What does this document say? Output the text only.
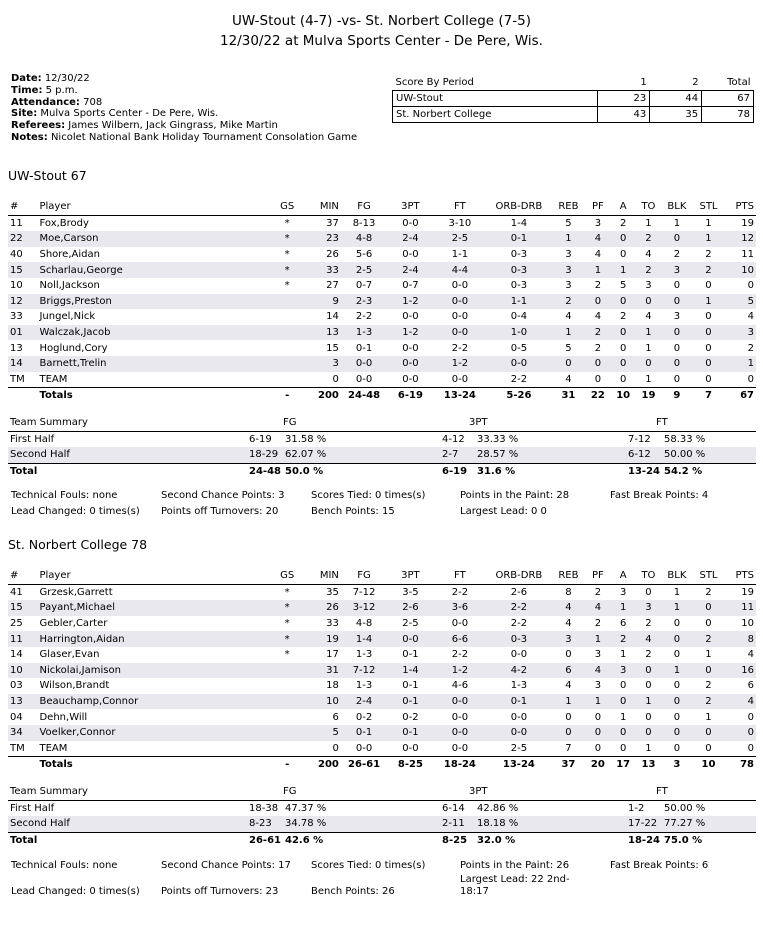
UW-Stout (4-7) -vs- St. Norbert College (7-5)
12/30/22 at Mulva Sports Center - De Pere, Wis.
Date: 12/30/22
Time: 5 p.m.
Attendance: 708
Site: Mulva Sports Center - De Pere, Wis.
Referees: James Wilbern, Jack Gingrass, Mike Martin
Notes: Nicolet National Bank Holiday Tournament Consolation Game
Score By Period	1	2	Total
UW-Stout	23	44	67
St. Norbert College	43	35	78
UW-Stout 67
#	Player	GS	MIN	FG	3PT	FT	ORB-DRB	REB	PF	A	TO	BLK	STL	PTS
11	Fox,Brody	*	37	8-13	0-0	3-10	1-4	5	3	2	1	1	1	19
22	Moe,Carson	*	23	4-8	2-4	2-5	0-1	1	4	0	2	0	1	12
40	Shore,Aidan	*	26	5-6	0-0	1-1	0-3	3	4	0	4	2	2	11
15	Scharlau,George	*	33	2-5	2-4	4-4	0-3	3	1	1	2	3	2	10
10	Noll,Jackson	*	27	0-7	0-7	0-0	0-3	3	2	5	3	0	0	0
12	Briggs,Preston		9	2-3	1-2	0-0	1-1	2	0	0	0	0	1	5
33	Jungel,Nick		14	2-2	0-0	0-0	0-4	4	4	2	4	3	0	4
01	Walczak,Jacob		13	1-3	1-2	0-0	1-0	1	2	0	1	0	0	3
13	Hoglund,Cory		15	0-1	0-0	2-2	0-5	5	2	0	1	0	0	2
14	Barnett,Trelin		3	0-0	0-0	1-2	0-0	0	0	0	0	0	0	1
TM	TEAM		0	0-0	0-0	0-0	2-2	4	0	0	1	0	0	0
	Totals	-	200	24-48	6-19	13-24	5-26	31	22	10	19	9	7	67
Team Summary	FG	3PT	FT
First Half	6-19 31.58 %	4-12 33.33 %	7-12 58.33 %
Second Half	18-29 62.07 %	2-7 28.57 %	6-12 50.00 %
Total	24-48 50.0 %	6-19 31.6 %	13-24 54.2 %
Technical Fouls: none	Second Chance Points: 3	Scores Tied: 0 times(s)	Points in the Paint: 28	Fast Break Points: 4
Lead Changed: 0 times(s) Points off Turnovers: 20	Bench Points: 15	Largest Lead: 0 0
St. Norbert College 78
#	Player	GS	MIN	FG	3PT	FT	ORB-DRB	REB	PF	A	TO	BLK	STL	PTS
41	Grzesk,Garrett	*	35	7-12	3-5	2-2	2-6	8	2	3	0	1	2	19
15	Payant,Michael	*	26	3-12	2-6	3-6	2-2	4	4	1	3	1	0	11
25	Gebler,Carter	*	33	4-8	2-5	0-0	2-2	4	2	6	2	0	0	10
11	Harrington,Aidan	*	19	1-4	0-0	6-6	0-3	3	1	2	4	0	2	8
14	Glaser,Evan	*	17	1-3	0-1	2-2	0-0	0	3	1	2	0	1	4
10	Nickolai,Jamison		31	7-12	1-4	1-2	4-2	6	4	3	0	1	0	16
03	Wilson,Brandt		18	1-3	0-1	4-6	1-3	4	3	0	0	0	2	6
13	Beauchamp,Connor		10	2-4	0-1	0-0	0-1	1	1	0	1	0	2	4
04	Dehn,Will		6	0-2	0-2	0-0	0-0	0	0	1	0	0	1	0
34	Voelker,Connor		5	0-1	0-1	0-0	0-0	0	0	0	0	0	0	0
TM	TEAM		0	0-0	0-0	0-0	2-5	7	0	0	1	0	0	0
	Totals	-	200	26-61	8-25	18-24	13-24	37	20	17	13	3	10	78
Team Summary	FG	3PT	FT
First Half	18-38 47.37 %	6-14 42.86 %	1-2 50.00 %
Second Half	8-23 34.78 %	2-11 18.18 %	17-22 77.27 %
Total	26-61 42.6 %	8-25 32.0 %	18-24 75.0 %
Technical Fouls: none	Second Chance Points: 17 Scores Tied: 0 times(s)	Points in the Paint: 26	Fast Break Points: 6
Lead Changed: 0 times(s) Points off Turnovers: 23	Bench Points: 26
Largest Lead: 22 2nd-18:17
